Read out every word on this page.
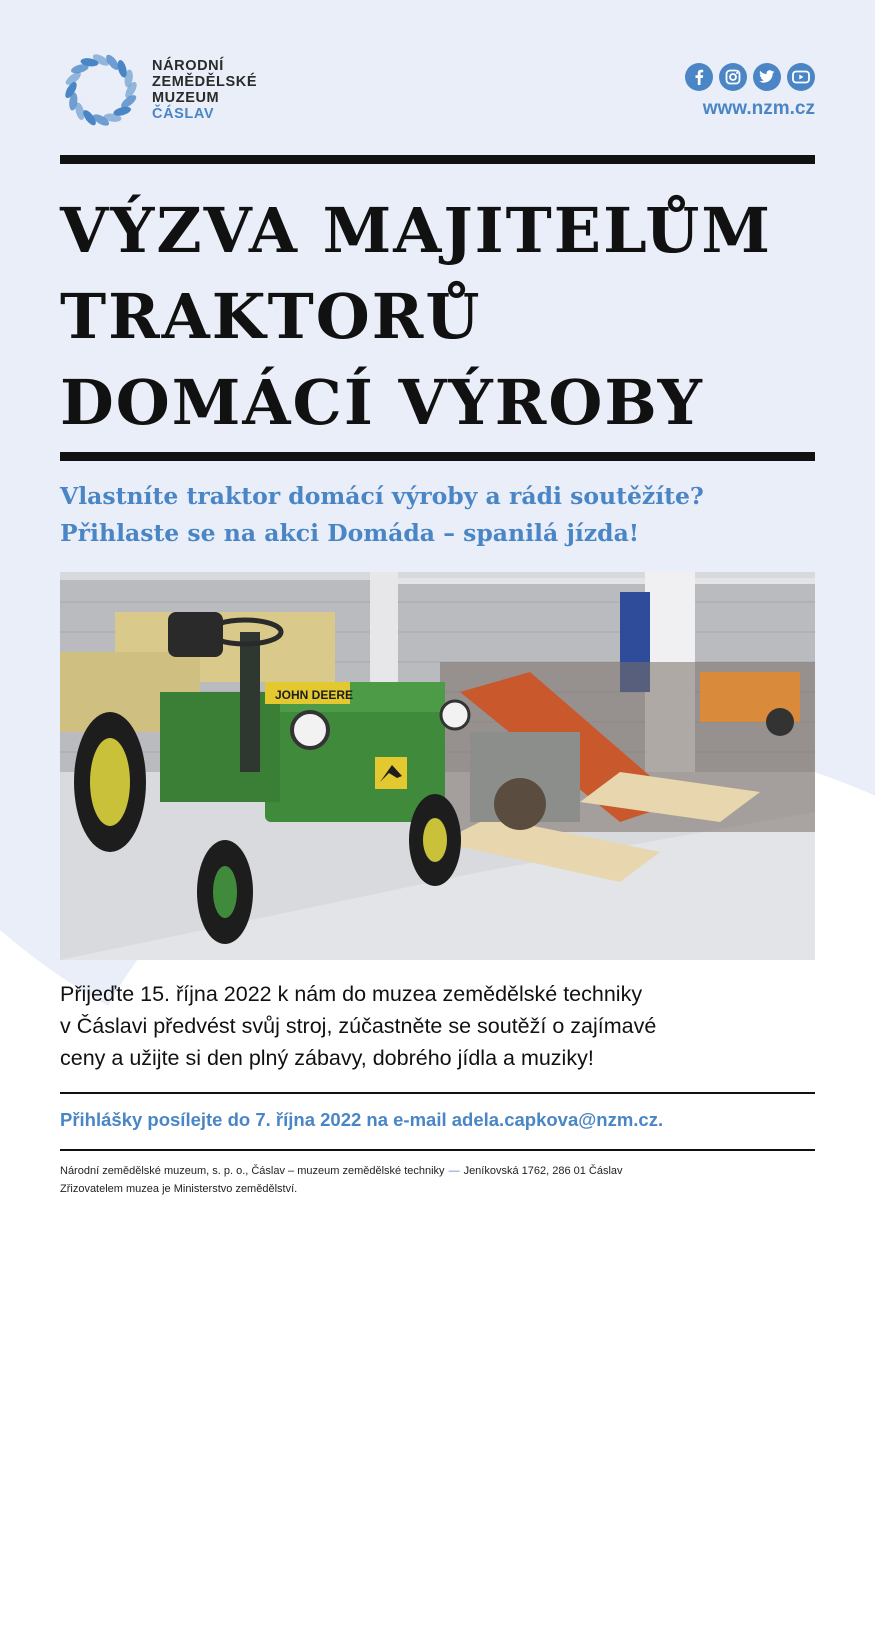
NÁRODNÍ
ZEMĚDĚLSKÉ
MUZEUM
ČÁSLAV	www.nzm.cz
VÝZVA MAJITELŮM
TRAKTORŮ
DOMÁCÍ VÝROBY
Vlastníte traktor domácí výroby a rádi soutěžíte?
Přihlaste se na akci Domáda – spanilá jízda!
JOHN DEERE
Přijeďte 15. října 2022 k nám do muzea zemědělské techniky
v Čáslavi předvést svůj stroj, zúčastněte se soutěží o zajímavé
ceny a užijte si den plný zábavy, dobrého jídla a muziky!
Přihlášky posílejte do 7. října 2022 na e-mail adela.capkova@nzm.cz.
Národní zemědělské muzeum, s. p. o., Čáslav – muzeum zemědělské techniky — Jeníkovská 1762, 286 01 Čáslav
Zřizovatelem muzea je Ministerstvo zemědělství.
